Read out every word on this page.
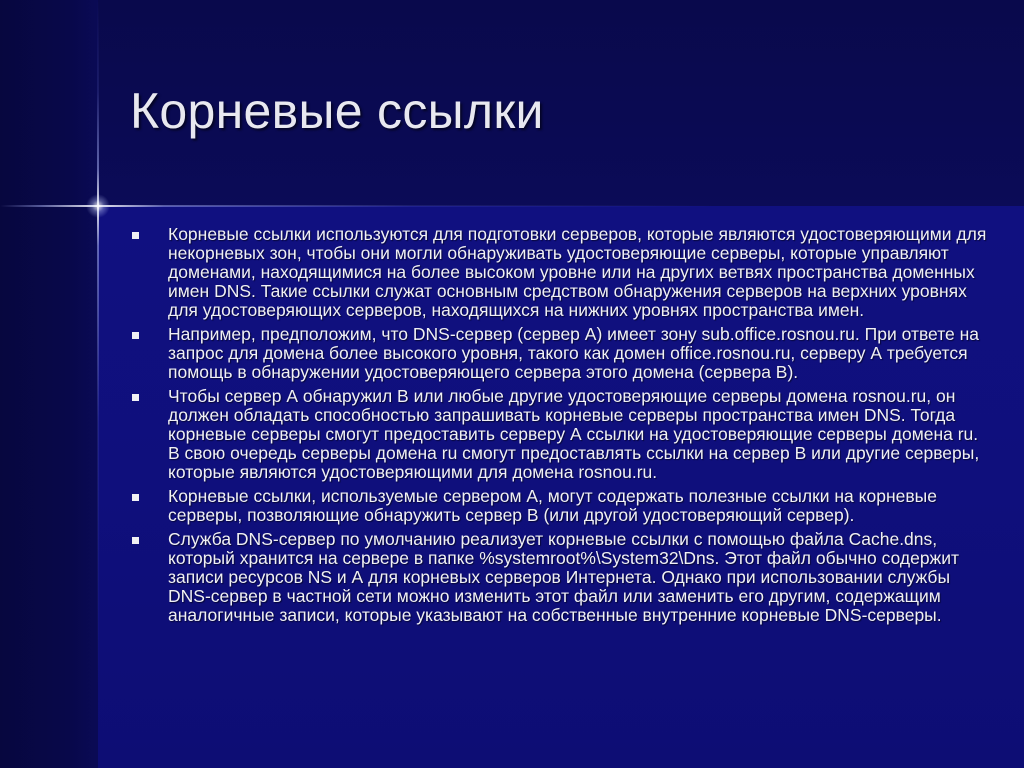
Корневые ссылки
Корневые ссылки используются для подготовки серверов, которые являются удостоверяющими для некорневых зон, чтобы они могли обнаруживать удостоверяющие серверы, которые управляют доменами, находящимися на более высоком уровне или на других ветвях пространства доменных имен DNS. Такие ссылки служат основным средством обнаружения серверов на верхних уровнях для удостоверяющих серверов, находящихся на нижних уровнях пространства имен.
Например, предположим, что DNS-сервер (сервер А) имеет зону sub.office.rosnou.ru. При ответе на запрос для домена более высокого уровня, такого как домен office.rosnou.ru, серверу А требуется помощь в обнаружении удостоверяющего сервера этого домена (сервера В).
Чтобы сервер А обнаружил В или любые другие удостоверяющие серверы домена rosnou.ru, он должен обладать способностью запрашивать корневые серверы пространства имен DNS. Тогда корневые серверы смогут предоставить серверу А ссылки на удостоверяющие серверы домена ru. В свою очередь серверы домена ru смогут предоставлять ссылки на сервер В или другие серверы, которые являются удостоверяющими для домена rosnou.ru.
Корневые ссылки, используемые сервером А, могут содержать полезные ссылки на корневые серверы, позволяющие обнаружить сервер В (или другой удостоверяющий сервер).
Служба DNS-сервер по умолчанию реализует корневые ссылки с помощью файла Cache.dns, который хранится на сервере в папке %systemroot%\System32\Dns. Этот файл обычно содержит записи ресурсов NS и А для корневых серверов Интернета. Однако при использовании службы DNS-сервер в частной сети можно изменить этот файл или заменить его другим, содержащим аналогичные записи, которые указывают на собственные внутренние корневые DNS-серверы.
